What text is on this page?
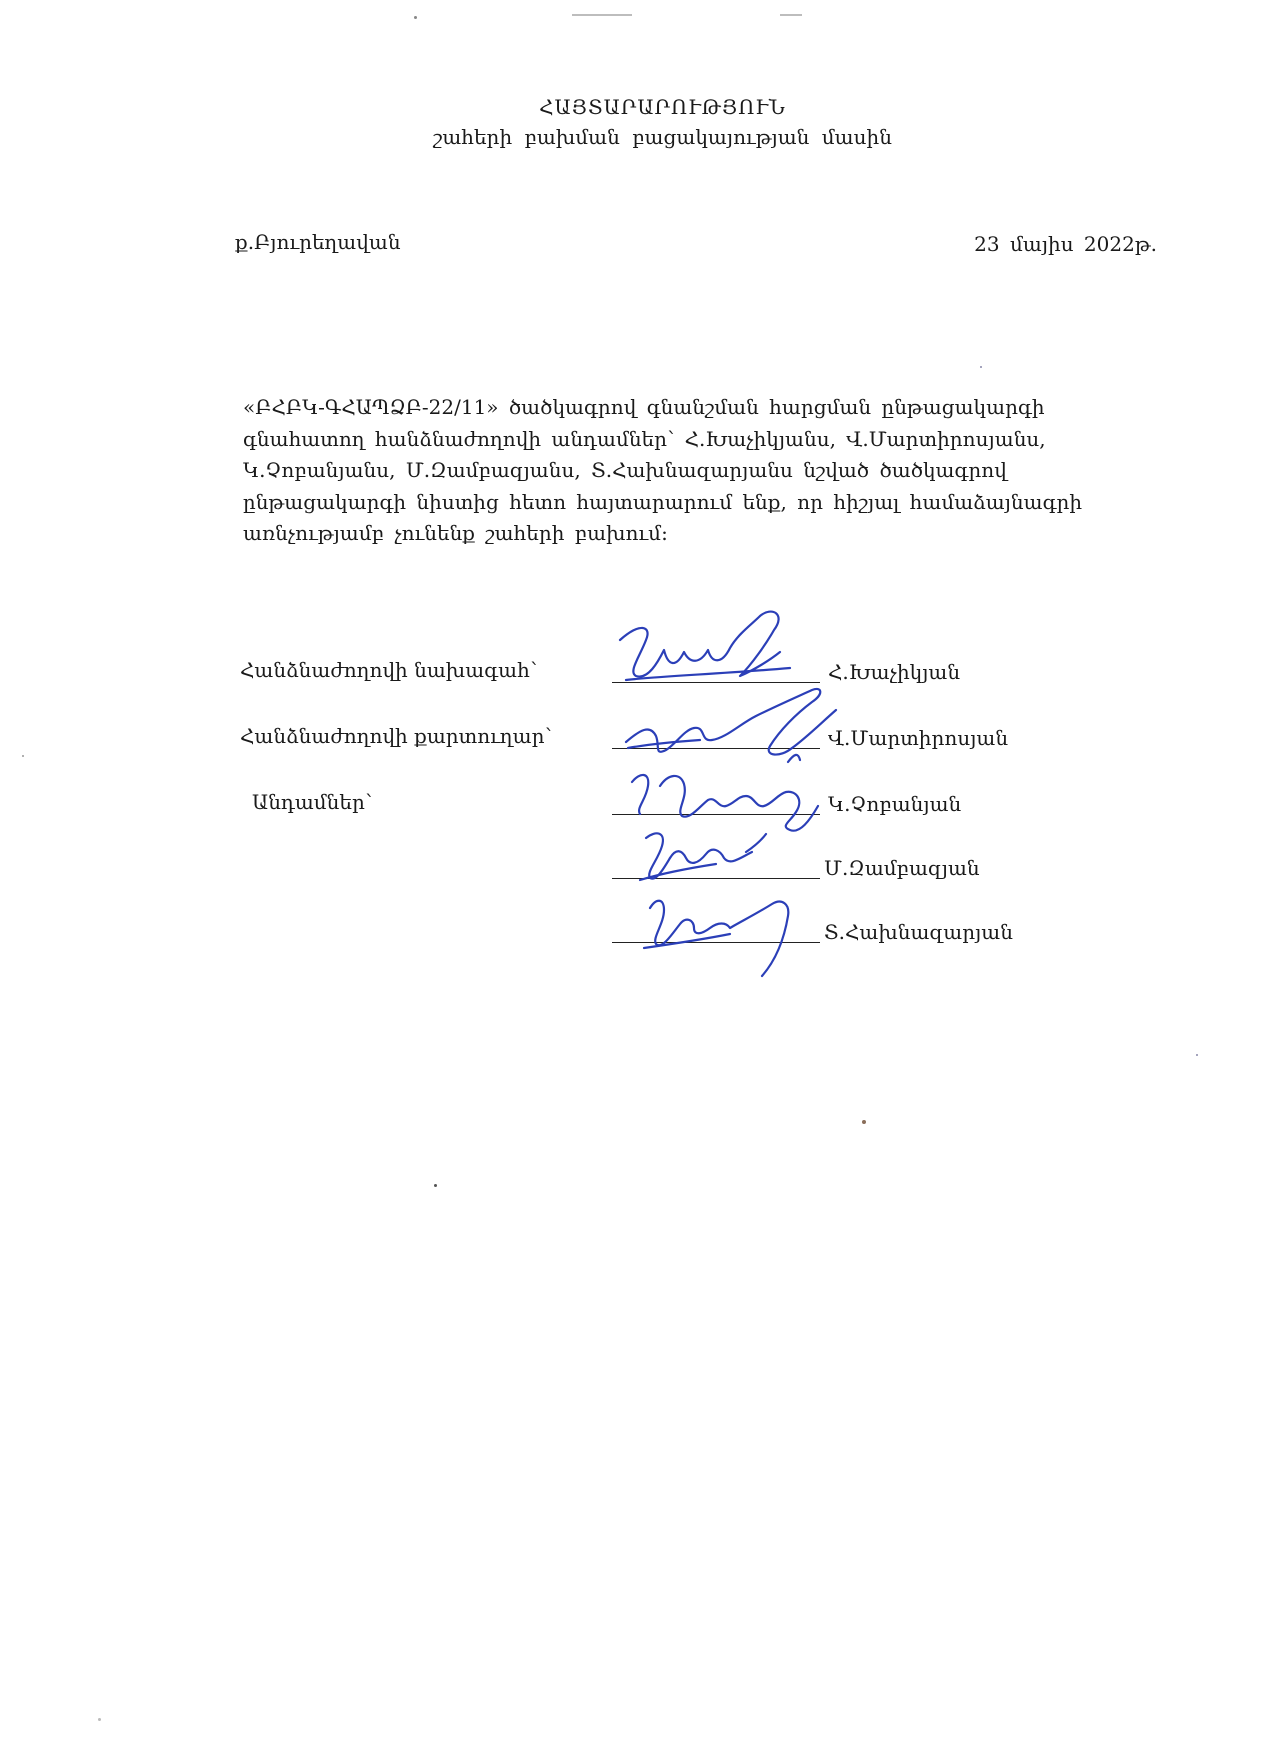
ՀԱՅՏԱՐԱՐՈՒԹՅՈՒՆ
շահերի բախման բացակայության մասին
ք.Բյուրեղավան	23 մայիս 2022թ.
«ԲՀԲԿ-ԳՀԱՊՁԲ-22/11» ծածկագրով գնանշման հարցման ընթացակարգի
գնահատող հանձնաժողովի անդամներ՝ Հ.Խաչիկյանս, Վ.Մարտիրոսյանս,
Կ.Չոբանյանս, Մ.Զամբազյանս, Տ.Հախնազարյանս նշված ծածկագրով
ընթացակարգի նիստից հետո հայտարարում ենք, որ հիշյալ համաձայնագրի
առնչությամբ չունենք շահերի բախում:
Հանձնաժողովի նախագահ՝	Հ.Խաչիկյան
Հանձնաժողովի քարտուղար՝	Վ.Մարտիրոսյան
Անդամներ՝	Կ.Չոբանյան
Մ.Զամբազյան
Տ.Հախնազարյան
